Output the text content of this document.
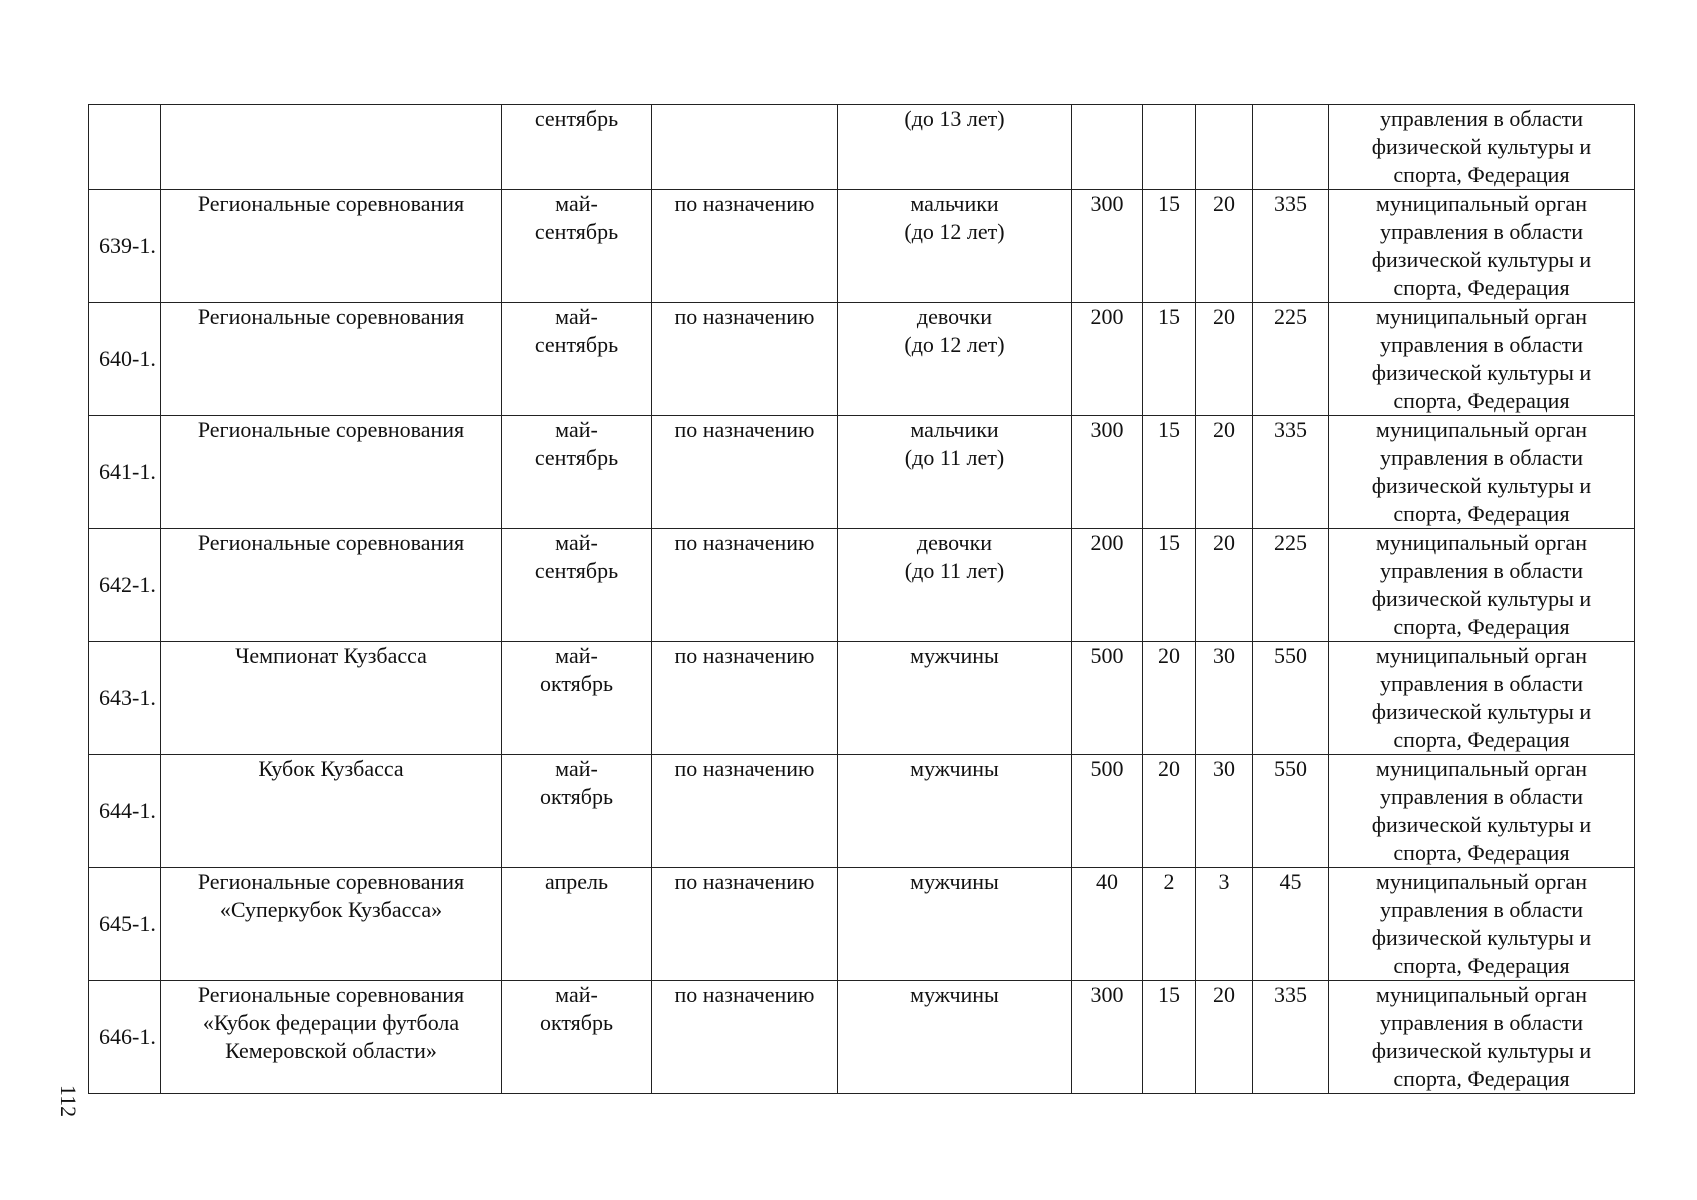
		сентябрь		(до 13 лет)					управления в области
физической культуры и
спорта, Федерация

639-1.	Региональные соревнования	май-
сентябрь	по назначению	мальчики
(до 12 лет)	300	15	20	335	муниципальный орган
управления в области
физической культуры и
спорта, Федерация

640-1.	Региональные соревнования	май-
сентябрь	по назначению	девочки
(до 12 лет)	200	15	20	225	муниципальный орган
управления в области
физической культуры и
спорта, Федерация

641-1.	Региональные соревнования	май-
сентябрь	по назначению	мальчики
(до 11 лет)	300	15	20	335	муниципальный орган
управления в области
физической культуры и
спорта, Федерация

642-1.	Региональные соревнования	май-
сентябрь	по назначению	девочки
(до 11 лет)	200	15	20	225	муниципальный орган
управления в области
физической культуры и
спорта, Федерация

643-1.	Чемпионат Кузбасса	май-
октябрь	по назначению	мужчины	500	20	30	550	муниципальный орган
управления в области
физической культуры и
спорта, Федерация

644-1.	Кубок Кузбасса	май-
октябрь	по назначению	мужчины	500	20	30	550	муниципальный орган
управления в области
физической культуры и
спорта, Федерация

645-1.	Региональные соревнования
«Суперкубок Кузбасса»	апрель	по назначению	мужчины	40	2	3	45	муниципальный орган
управления в области
физической культуры и
спорта, Федерация

646-1.	Региональные соревнования
«Кубок федерации футбола
Кемеровской области»	май-
октябрь	по назначению	мужчины	300	15	20	335	муниципальный орган
управления в области
физической культуры и
спорта, Федерация
112
